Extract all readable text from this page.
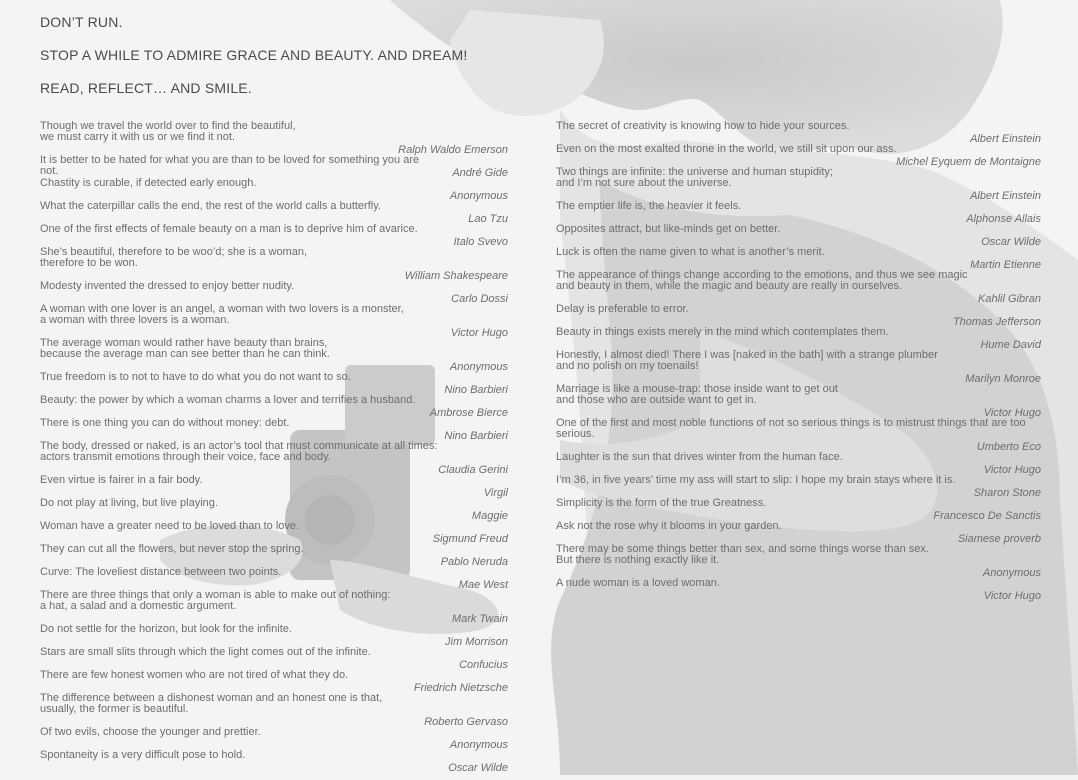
DON’T RUN.
STOP A WHILE TO ADMIRE GRACE AND BEAUTY. AND DREAM!
READ, REFLECT… AND SMILE.
Though we travel the world over to find the beautiful,
we must carry it with us or we find it not.
Ralph Waldo Emerson
It is better to be hated for what you are than to be loved for something you are not.	André Gide
Chastity is curable, if detected early enough.
Anonymous
What the caterpillar calls the end, the rest of the world calls a butterfly.
Lao Tzu
One of the first effects of female beauty on a man is to deprive him of avarice.
Italo Svevo
She’s beautiful, therefore to be woo’d; she is a woman,
therefore to be won.
William Shakespeare
Modesty invented the dressed to enjoy better nudity.
Carlo Dossi
A woman with one lover is an angel, a woman with two lovers is a monster,
a woman with three lovers is a woman.
Victor Hugo
The average woman would rather have beauty than brains,
because the average man can see better than he can think.
Anonymous
True freedom is to not to have to do what you do not want to so.
Nino Barbieri
Beauty: the power by which a woman charms a lover and terrifies a husband.
Ambrose Bierce
There is one thing you can do without money: debt.
Nino Barbieri
The body, dressed or naked, is an actor’s tool that must communicate at all times:
actors transmit emotions through their voice, face and body.
Claudia Gerini
Even virtue is fairer in a fair body.
Virgil
Do not play at living, but live playing.
Maggie
Woman have a greater need to be loved than to love.
Sigmund Freud
They can cut all the flowers, but never stop the spring.
Pablo Neruda
Curve: The loveliest distance between two points.
Mae West
There are three things that only a woman is able to make out of nothing:
a hat, a salad and a domestic argument.
Mark Twain
Do not settle for the horizon, but look for the infinite.
Jim Morrison
Stars are small slits through which the light comes out of the infinite.
Confucius
There are few honest women who are not tired of what they do.
Friedrich Nietzsche
The difference between a dishonest woman and an honest one is that,
usually, the former is beautiful.
Roberto Gervaso
Of two evils, choose the younger and prettier.
Anonymous
Spontaneity is a very difficult pose to hold.
Oscar Wilde
The secret of creativity is knowing how to hide your sources.
Albert Einstein
Even on the most exalted throne in the world, we still sit upon our ass.
Michel Eyquem de Montaigne
Two things are infinite: the universe and human stupidity;
and I’m not sure about the universe.
Albert Einstein
The emptier life is, the heavier it feels.
Alphonse Allais
Opposites attract, but like-minds get on better.
Oscar Wilde
Luck is often the name given to what is another’s merit.
Martin Etienne
The appearance of things change according to the emotions, and thus we see magic
and beauty in them, while the magic and beauty are really in ourselves.
Kahlil Gibran
Delay is preferable to error.
Thomas Jefferson
Beauty in things exists merely in the mind which contemplates them.
Hume David
Honestly, I almost died! There I was [naked in the bath] with a strange plumber
and no polish on my toenails!
Marilyn Monroe
Marriage is like a mouse-trap: those inside want to get out
and those who are outside want to get in.
Victor Hugo
One of the first and most noble functions of not so serious things is to mistrust things that are too
serious.
Umberto Eco
Laughter is the sun that drives winter from the human face.
Victor Hugo
I’m 36, in five years’ time my ass will start to slip: I hope my brain stays where it is.
Sharon Stone
Simplicity is the form of the true Greatness.
Francesco De Sanctis
Ask not the rose why it blooms in your garden.
Siamese proverb
There may be some things better than sex, and some things worse than sex.
But there is nothing exactly like it.
Anonymous
A nude woman is a loved woman.
Victor Hugo
